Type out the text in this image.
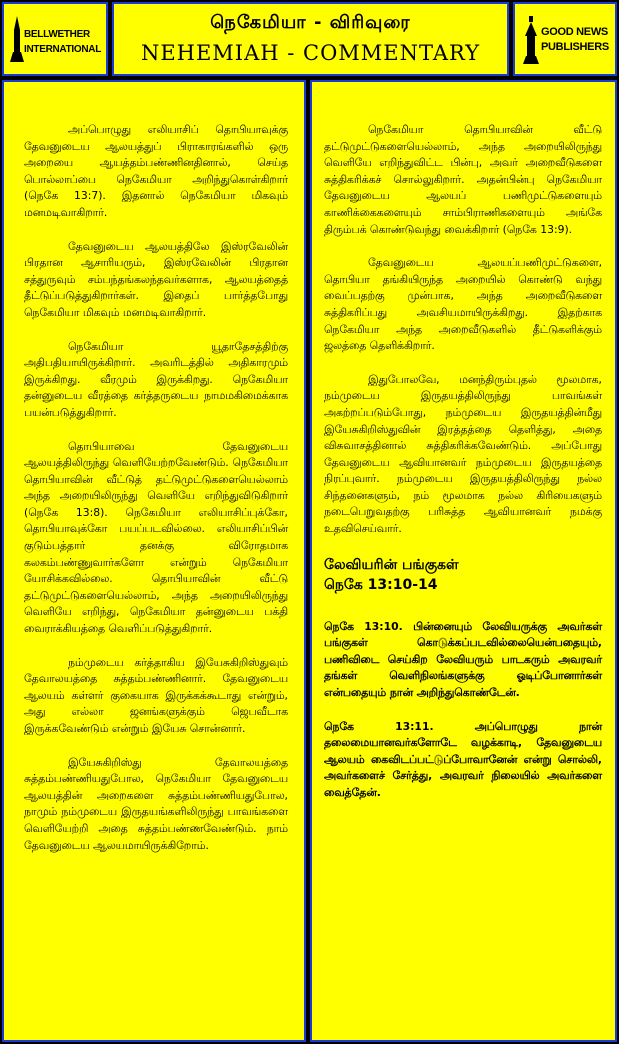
BELLWETHER
INTERNATIONAL
நெகேமியா - விரிவுரை
NEHEMIAH - COMMENTARY
GOOD NEWS
PUBLISHERS

அப்பொழுது எலியாசிப் தொபியாவுக்கு தேவனுடைய ஆலயத்துப் பிராகாரங்களில் ஒரு அறையை ஆயத்தம்பண்ணினதினால், செய்த பொல்லாப்பை நெகேமியா அறிந்துகொள்கிறார் (நெகே 13:7). இதனால் நெகேமியா மிகவும் மனமடிவாகிறார்.

தேவனுடைய ஆலயத்திலே இஸ்ரவேலின் பிரதான ஆசாரியரும், இஸ்ரவேலின் பிரதான சத்துருவும் சம்பந்தங்கலந்தவர்களாக, ஆலயத்தைத் தீட்டுப்படுத்துகிறார்கள். இதைப் பார்த்தபோது நெகேமியா மிகவும் மனமடிவாகிறார்.

நெகேமியா யூதாதேசத்திற்கு அதிபதியாயிருக்கிறார். அவரிடத்தில் அதிகாரமும் இருக்கிறது. வீரமும் இருக்கிறது. நெகேமியா தன்னுடைய வீரத்தை கர்த்தருடைய நாமமகிமைக்காக பயன்படுத்துகிறார்.

தொபியாவை தேவனுடைய ஆலயத்திலிருந்து வெளியேற்றவேண்டும். நெகேமியா தொபியாவின் வீட்டுத் தட்டுமுட்டுகளையெல்லாம் அந்த அறையிலிருந்து வெளியே எறிந்துவிடுகிறார் (நெகே 13:8). நெகேமியா எலியாசிப்புக்கோ, தொபியாவுக்கோ பயப்படவில்லை. எலியாசிப்பின் குடும்பத்தார் தனக்கு விரோதமாக கலகம்பண்ணுவார்களோ என்றும் நெகேமியா யோசிக்கவில்லை. தொபியாவின் வீட்டு தட்டுமுட்டுகளையெல்லாம், அந்த அறையிலிருந்து வெளியே எறிந்து, நெகேமியா தன்னுடைய பக்தி வைராக்கியத்தை வெளிப்படுத்துகிறார்.

நம்முடைய கர்த்தாகிய இயேசுகிறிஸ்துவும் தேவாலயத்தை சுத்தம்பண்ணினார். தேவனுடைய ஆலயம் கள்ளர் குகையாக இருக்கக்கூடாது என்றும், அது எல்லா ஜனங்களுக்கும் ஜெபவீடாக இருக்கவேண்டும் என்றும் இயேசு சொன்னார்.

இயேசுகிறிஸ்து தேவாலயத்தை சுத்தம்பண்ணியதுபோல, நெகேமியா தேவனுடைய ஆலயத்தின் அறைகளை சுத்தம்பண்ணியதுபோல, நாமும் நம்முடைய இருதயங்களிலிருந்து பாவங்களை வெளியேற்றி அதை சுத்தம்பண்ணவேண்டும். நாம் தேவனுடைய ஆலயமாயிருக்கிறோம்.

நெகேமியா தொபியாவின் வீட்டு தட்டுமுட்டுகளையெல்லாம், அந்த அறையிலிருந்து வெளியே எறிந்துவிட்ட பின்பு, அவர் அறைவீடுகளை சுத்திகரிக்கச் சொல்லுகிறார். அதன்பின்பு நெகேமியா தேவனுடைய ஆலயப் பணிமுட்டுகளையும் காணிக்கைகளையும் சாம்பிராணிகளையும் அங்கே திரும்பக் கொண்டுவந்து வைக்கிறார் (நெகே 13:9).

தேவனுடைய ஆலயப்பணிமுட்டுகளை, தொபியா தங்கியிருந்த அறையில் கொண்டு வந்து வைப்பதற்கு முன்பாக, அந்த அறைவீடுகளை சுத்திகரிப்பது அவசியமாயிருக்கிறது. இதற்காக நெகேமியா அந்த அறைவீடுகளில் தீட்டுகளிக்கும் ஜலத்தை தெளிக்கிறார்.

இதுபோலவே, மனந்திரும்புதல் மூலமாக, நம்முடைய இருதயத்திலிருந்து பாவங்கள் அகற்றப்படும்போது, நம்முடைய இருதயத்தின்மீது இயேசுகிறிஸ்துவின் இரத்தத்தை தெளித்து, அதை விசுவாசத்தினால் சுத்திகரிக்கவேண்டும். அப்போது தேவனுடைய ஆவியானவர் நம்முடைய இருதயத்தை நிரப்புவார். நம்முடைய இருதயத்திலிருந்து நல்ல சிந்தனைகளும், நம் மூலமாக நல்ல கிரியைகளும் நடைபெறுவதற்கு பரிசுத்த ஆவியானவர் நமக்கு உதவிசெய்வார்.

லேவியரின் பங்குகள்
நெகே 13:10-14

நெகே 13:10. பின்னையும் லேவியருக்கு அவர்கள் பங்குகள் கொடுக்கப்படவில்லையென்பதையும், பணிவிடை செய்கிற லேவியரும் பாடகரும் அவரவர் தங்கள் வெளிநிலங்களுக்கு ஓடிப்போனார்கள் என்பதையும் நான் அறிந்துகொண்டேன்.

நெகே 13:11. அப்பொழுது நான் தலைமையானவர்களோடே வழக்காடி, தேவனுடைய ஆலயம் கைவிடப்பட்டுப்போவானேன் என்று சொல்லி, அவர்களைச் சேர்த்து, அவரவர் நிலையில் அவர்களை வைத்தேன்.
